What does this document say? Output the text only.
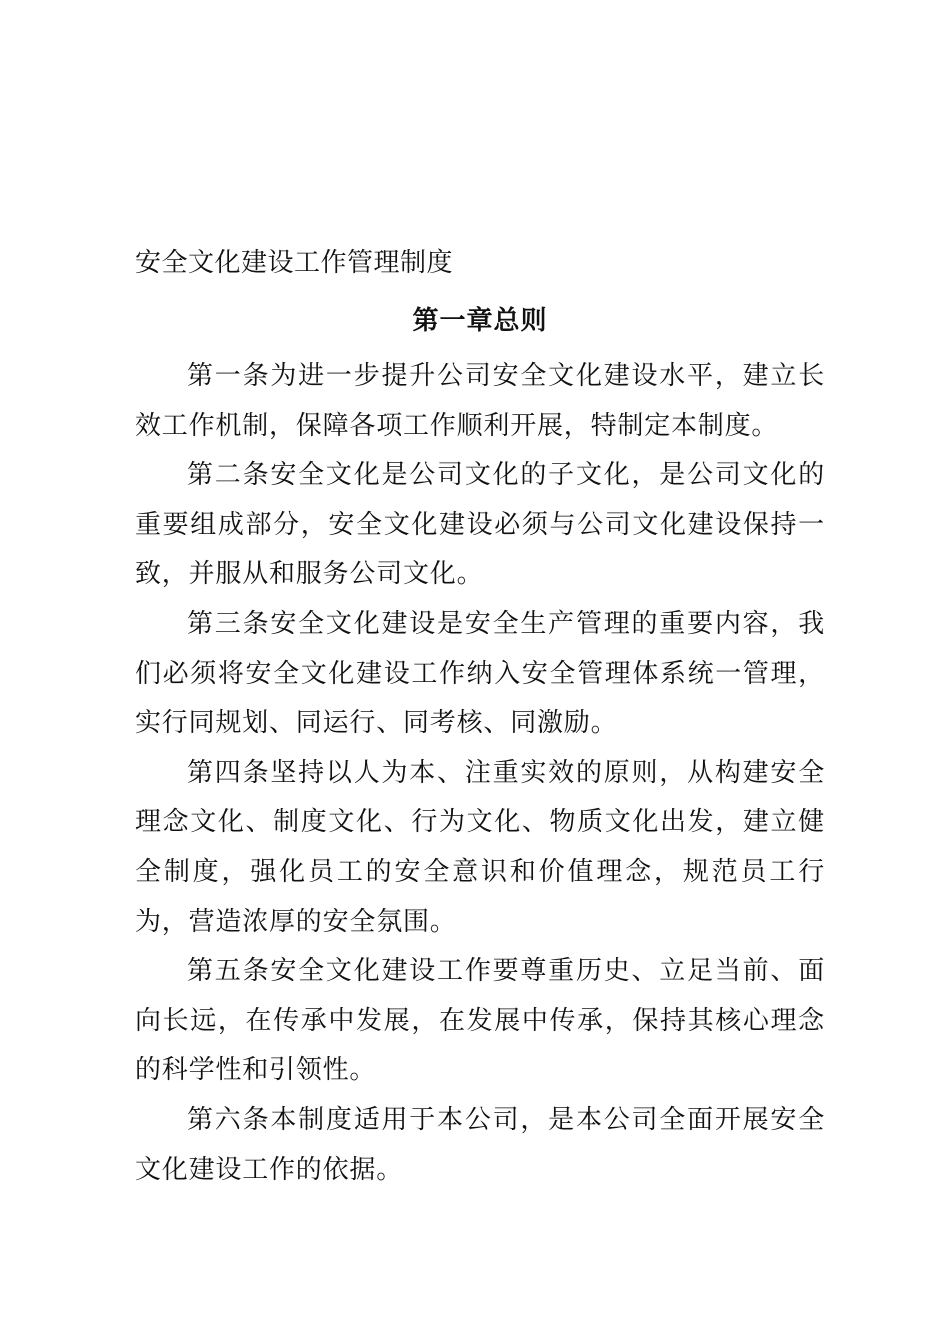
安全文化建设工作管理制度
第一章总则

第一条为进一步提升公司安全文化建设水平，建立长效工作机制，保障各项工作顺利开展，特制定本制度。

第二条安全文化是公司文化的子文化，是公司文化的重要组成部分，安全文化建设必须与公司文化建设保持一致，并服从和服务公司文化。

第三条安全文化建设是安全生产管理的重要内容，我们必须将安全文化建设工作纳入安全管理体系统一管理，实行同规划、同运行、同考核、同激励。

第四条坚持以人为本、注重实效的原则，从构建安全理念文化、制度文化、行为文化、物质文化出发，建立健全制度，强化员工的安全意识和价值理念，规范员工行为，营造浓厚的安全氛围。

第五条安全文化建设工作要尊重历史、立足当前、面向长远，在传承中发展，在发展中传承，保持其核心理念的科学性和引领性。

第六条本制度适用于本公司，是本公司全面开展安全文化建设工作的依据。
